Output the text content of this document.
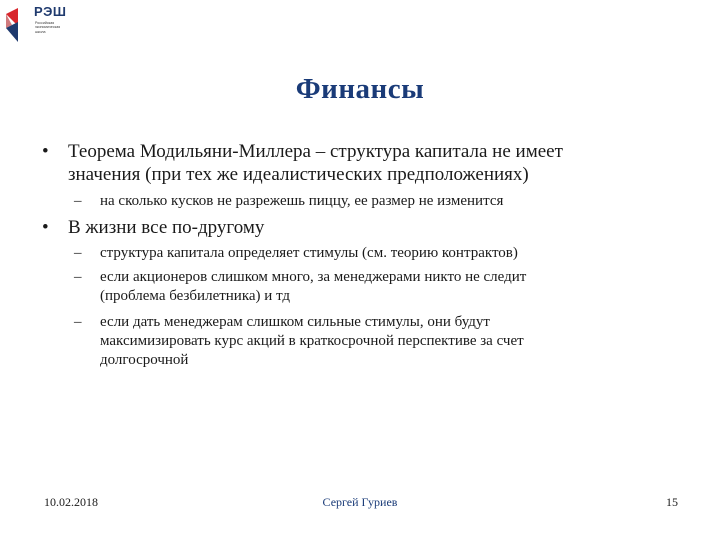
РЭШ
Российская
экономическая
школа
Финансы
• Теорема Модильяни-Миллера – структура капитала не имеет
значения (при тех же идеалистических предположениях)
– на сколько кусков не разрежешь пиццу, ее размер не изменится
• В жизни все по-другому
– структура капитала определяет стимулы (см. теорию контрактов)
– если акционеров слишком много, за менеджерами никто не следит
(проблема безбилетника) и тд
– если дать менеджерам слишком сильные стимулы, они будут
максимизировать курс акций в краткосрочной перспективе за счет
долгосрочной
10.02.2018	Сергей Гуриев	15
